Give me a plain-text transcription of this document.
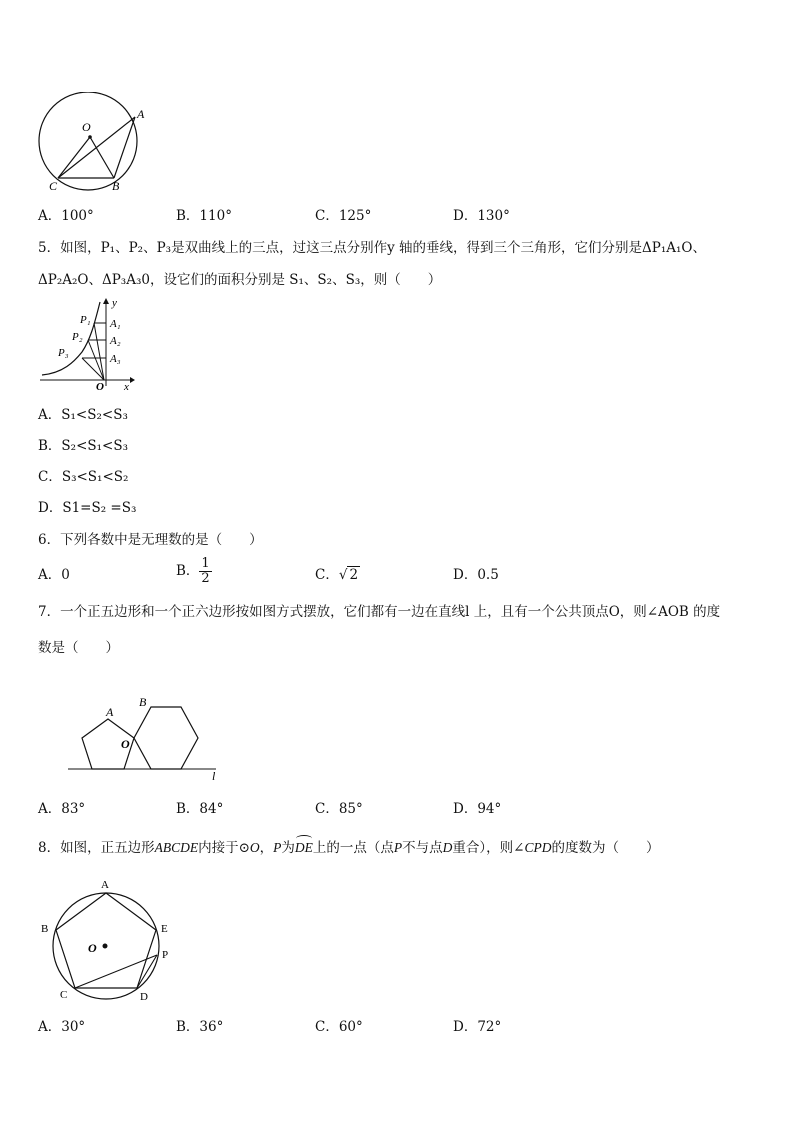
O
A
C	B
A．100°	B．110°	C．125°	D．130°
5．如图，P₁、P₂、P₃是双曲线上的三点，过这三点分别作y 轴的垂线，得到三个三角形，它们分别是ΔP₁A₁O、
ΔP₂A₂O、ΔP₃A₃0，设它们的面积分别是 S₁、S₂、S₃，则（　　）
y
x
O
P₁
P₂
P₃
A₁
A₂
A₃
A．S₁<S₂<S₃
B．S₂<S₁<S₃
C．S₃<S₁<S₂
D．S1=S₂ =S₃
6．下列各数中是无理数的是（　　）
A．0	B． $\frac{1}{2}$	C．√ 2	D．0.5
7．一个正五边形和一个正六边形按如图方式摆放，它们都有一边在直线l 上，且有一个公共顶点O，则∠AOB 的度
数是（　　）
A
B
O
l
A．83°	B．84°	C．85°	D．94°
8．如图，正五边形ABCDE内接于⊙O，P为
DE上的一点（点P不与点D重合），则∠CPD的度数为（　　）
A
B	E
P
C	D
O
A．30°	B．36°	C．60°	D．72°
